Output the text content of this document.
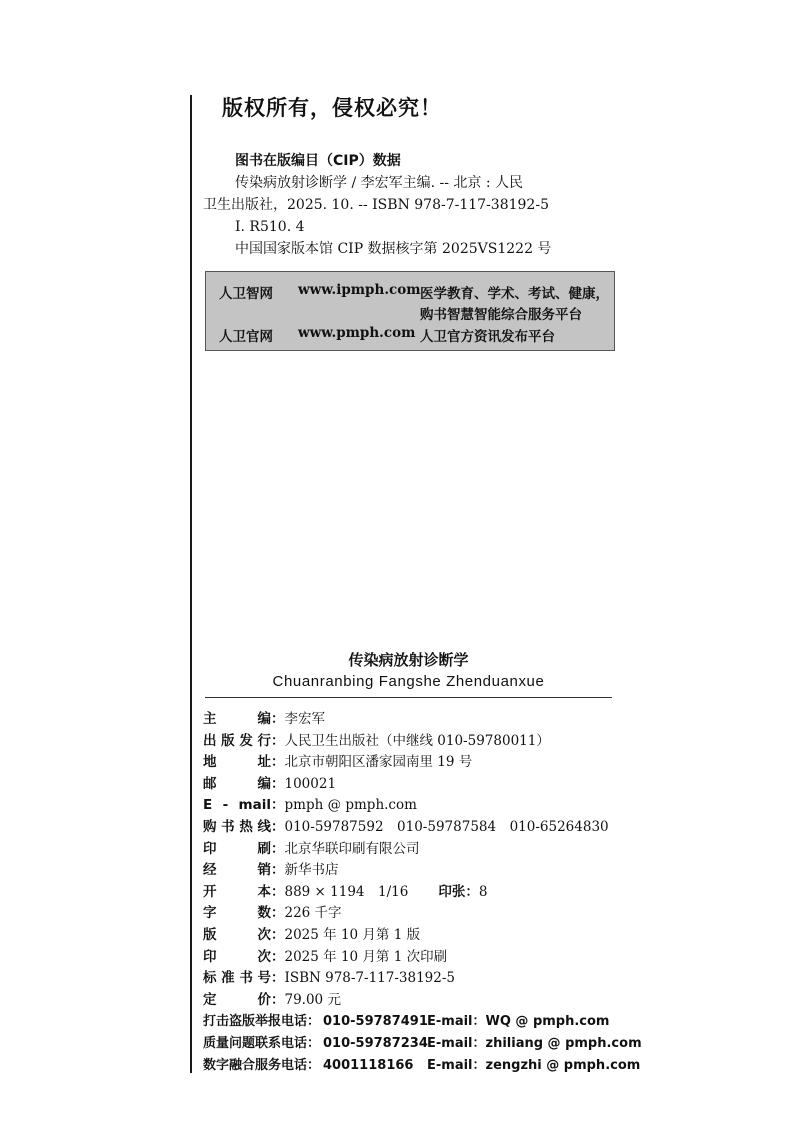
版权所有，侵权必究！
图书在版编目（CIP）数据
传染病放射诊断学 / 李宏军主编. -- 北京 : 人民
卫生出版社，2025. 10. -- ISBN 978-7-117-38192-5
Ⅰ. R510. 4
中国国家版本馆 CIP 数据核字第 2025VS1222 号
人卫智网 www.ipmph.com 医学教育、学术、考试、健康，
购书智慧智能综合服务平台
人卫官网 www.pmph.com 人卫官方资讯发布平台
传染病放射诊断学
Chuanranbing Fangshe Zhenduanxue
主　编：李宏军
出版发行：人民卫生出版社（中继线 010-59780011）
地　址：北京市朝阳区潘家园南里 19 号
邮　编：100021
E - mail：pmph @ pmph.com
购书热线：010-59787592　010-59787584　010-65264830
印　刷：北京华联印刷有限公司
经　销：新华书店
开　本：889 × 1194　1/16 印张：8
字　数：226 千字
版　次：2025 年 10 月第 1 版
印　次：2025 年 10 月第 1 次印刷
标准书号：ISBN 978-7-117-38192-5
定　价：79.00 元
打击盗版举报电话： 010-59787491E-mail：WQ @ pmph.com
质量问题联系电话： 010-59787234E-mail：zhiliang @ pmph.com
数字融合服务电话： 4001118166 E-mail：zengzhi @ pmph.com
